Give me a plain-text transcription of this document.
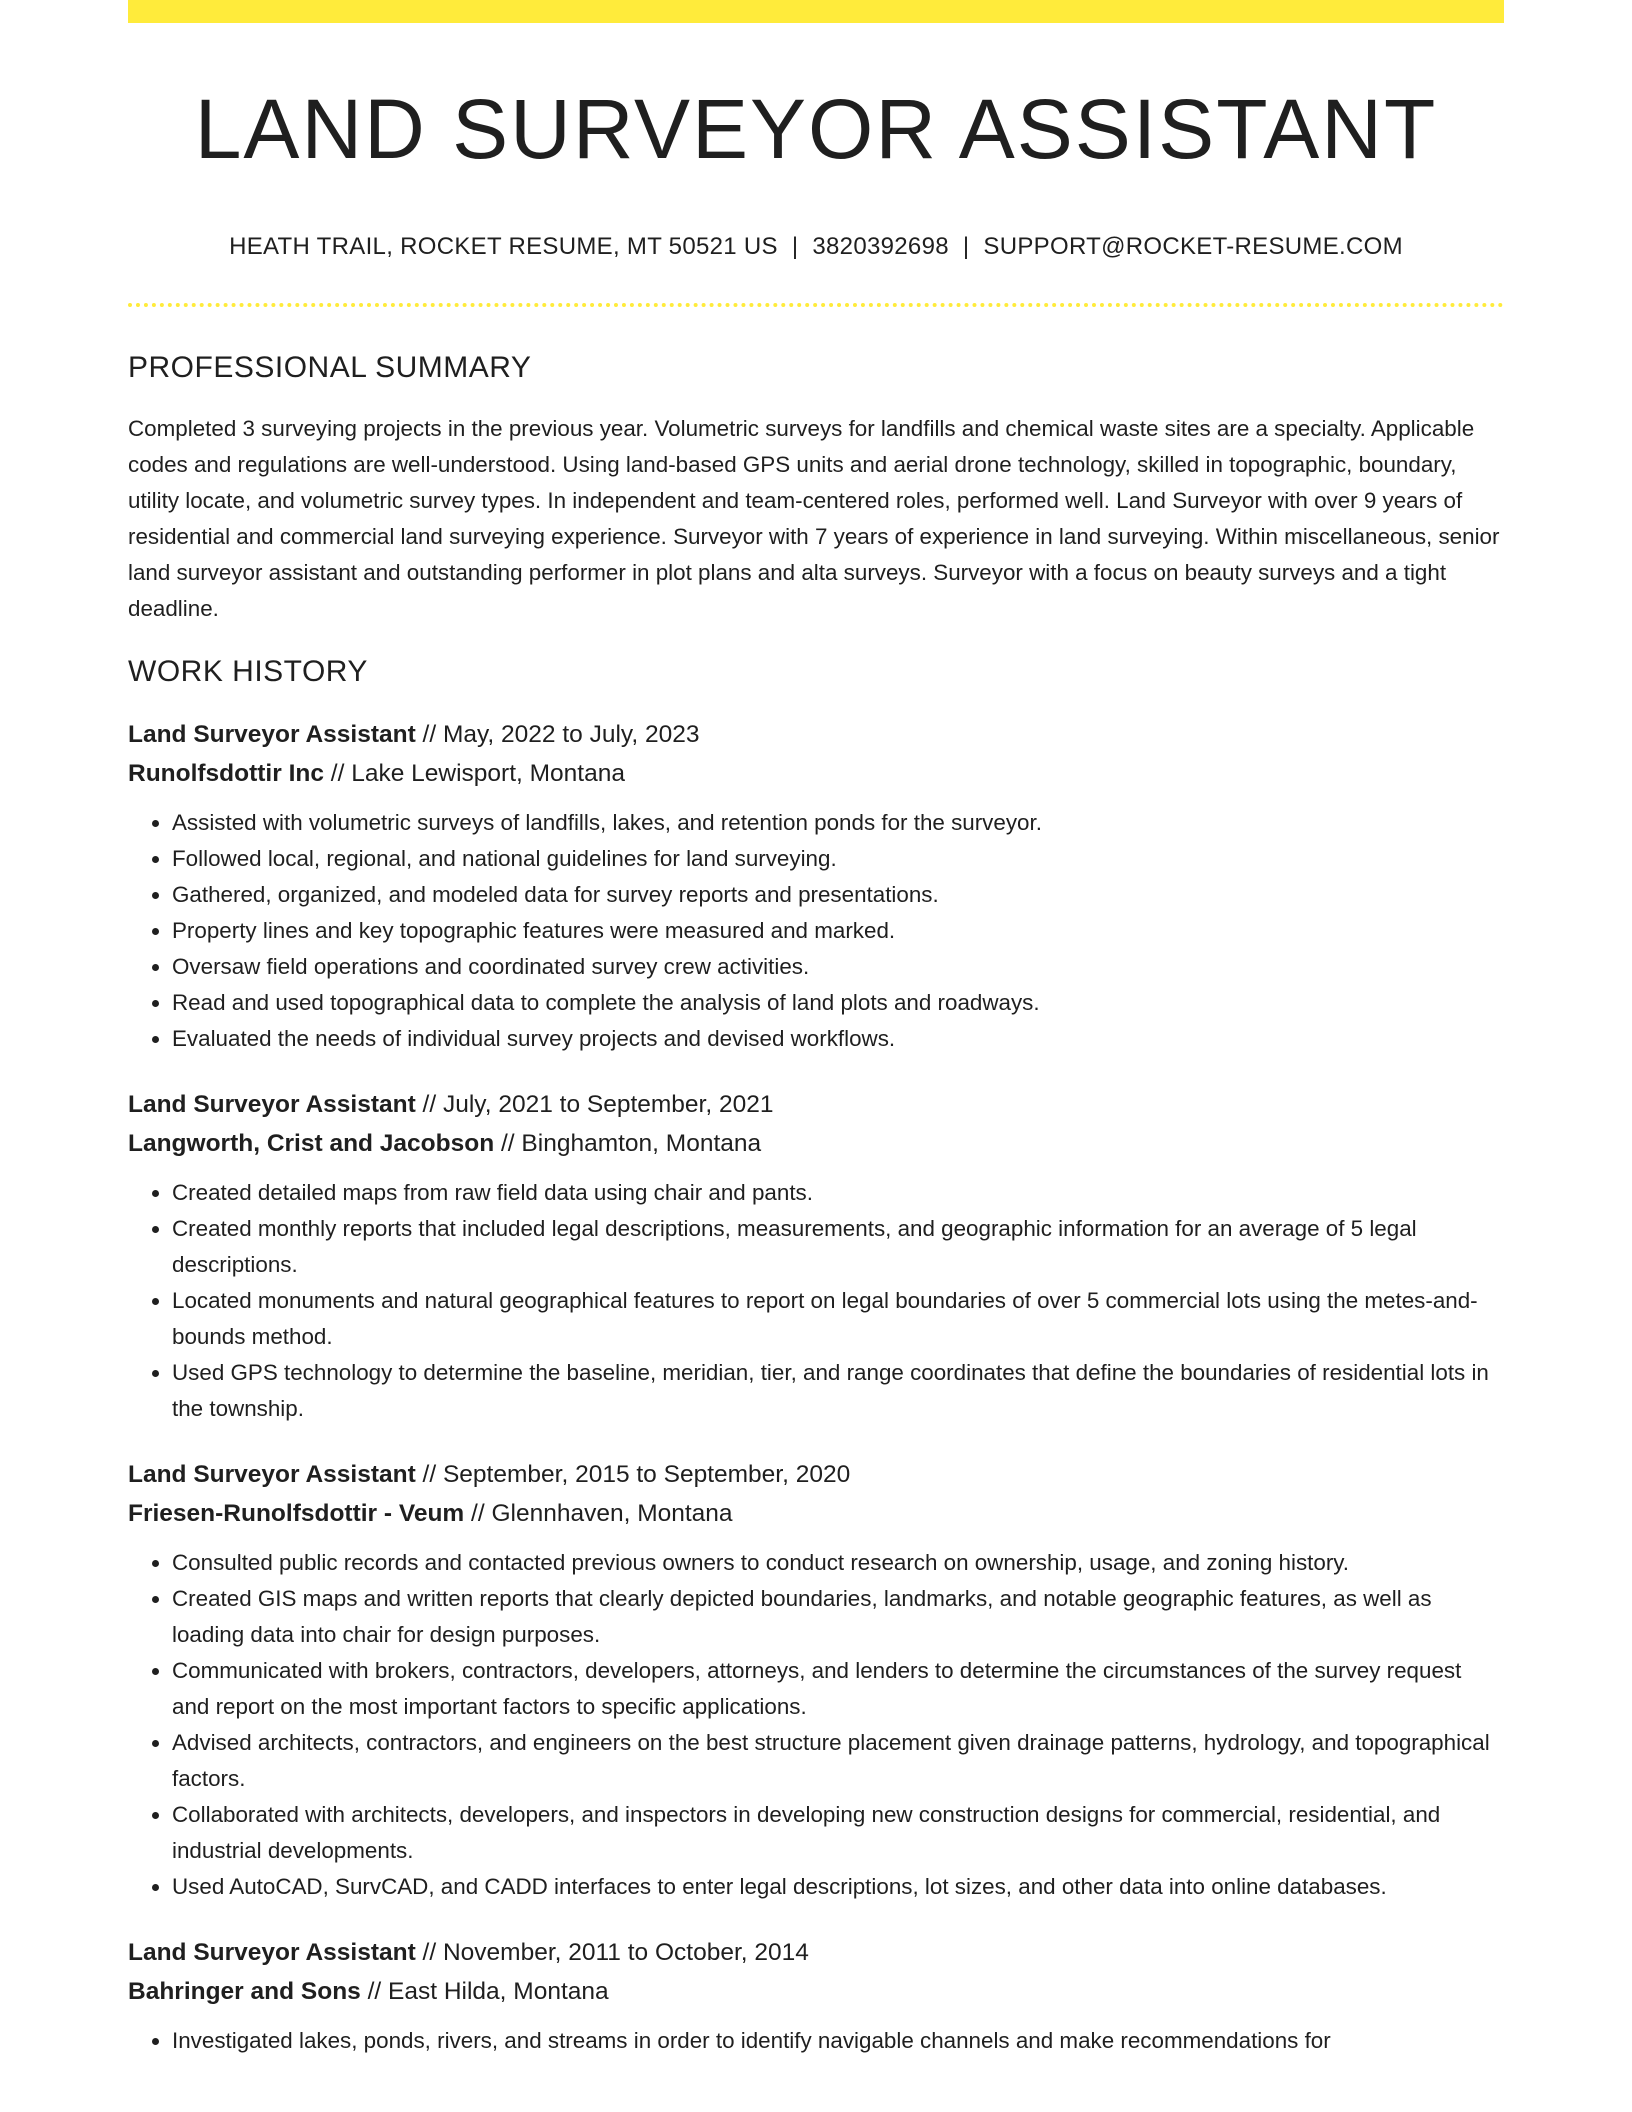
LAND SURVEYOR ASSISTANT
HEATH TRAIL, ROCKET RESUME, MT 50521 US | 3820392698 | SUPPORT@ROCKET-RESUME.COM
PROFESSIONAL SUMMARY

Completed 3 surveying projects in the previous year. Volumetric surveys for landfills and chemical waste sites are a specialty. Applicable codes and regulations are well-understood. Using land-based GPS units and aerial drone technology, skilled in topographic, boundary, utility locate, and volumetric survey types. In independent and team-centered roles, performed well. Land Surveyor with over 9 years of residential and commercial land surveying experience. Surveyor with 7 years of experience in land surveying. Within miscellaneous, senior land surveyor assistant and outstanding performer in plot plans and alta surveys. Surveyor with a focus on beauty surveys and a tight deadline.

WORK HISTORY
Land Surveyor Assistant // May, 2022 to July, 2023
Runolfsdottir Inc // Lake Lewisport, Montana
• Assisted with volumetric surveys of landfills, lakes, and retention ponds for the surveyor.
• Followed local, regional, and national guidelines for land surveying.
• Gathered, organized, and modeled data for survey reports and presentations.
• Property lines and key topographic features were measured and marked.
• Oversaw field operations and coordinated survey crew activities.
• Read and used topographical data to complete the analysis of land plots and roadways.
• Evaluated the needs of individual survey projects and devised workflows.
Land Surveyor Assistant // July, 2021 to September, 2021
Langworth, Crist and Jacobson // Binghamton, Montana
• Created detailed maps from raw field data using chair and pants.
• Created monthly reports that included legal descriptions, measurements, and geographic information for an average of 5 legal descriptions.
• Located monuments and natural geographical features to report on legal boundaries of over 5 commercial lots using the metes-and-bounds method.
• Used GPS technology to determine the baseline, meridian, tier, and range coordinates that define the boundaries of residential lots in the township.
Land Surveyor Assistant // September, 2015 to September, 2020
Friesen-Runolfsdottir - Veum // Glennhaven, Montana
• Consulted public records and contacted previous owners to conduct research on ownership, usage, and zoning history.
• Created GIS maps and written reports that clearly depicted boundaries, landmarks, and notable geographic features, as well as loading data into chair for design purposes.
• Communicated with brokers, contractors, developers, attorneys, and lenders to determine the circumstances of the survey request and report on the most important factors to specific applications.
• Advised architects, contractors, and engineers on the best structure placement given drainage patterns, hydrology, and topographical factors.
• Collaborated with architects, developers, and inspectors in developing new construction designs for commercial, residential, and industrial developments.
• Used AutoCAD, SurvCAD, and CADD interfaces to enter legal descriptions, lot sizes, and other data into online databases.
Land Surveyor Assistant // November, 2011 to October, 2014
Bahringer and Sons // East Hilda, Montana
• Investigated lakes, ponds, rivers, and streams in order to identify navigable channels and make recommendations for
